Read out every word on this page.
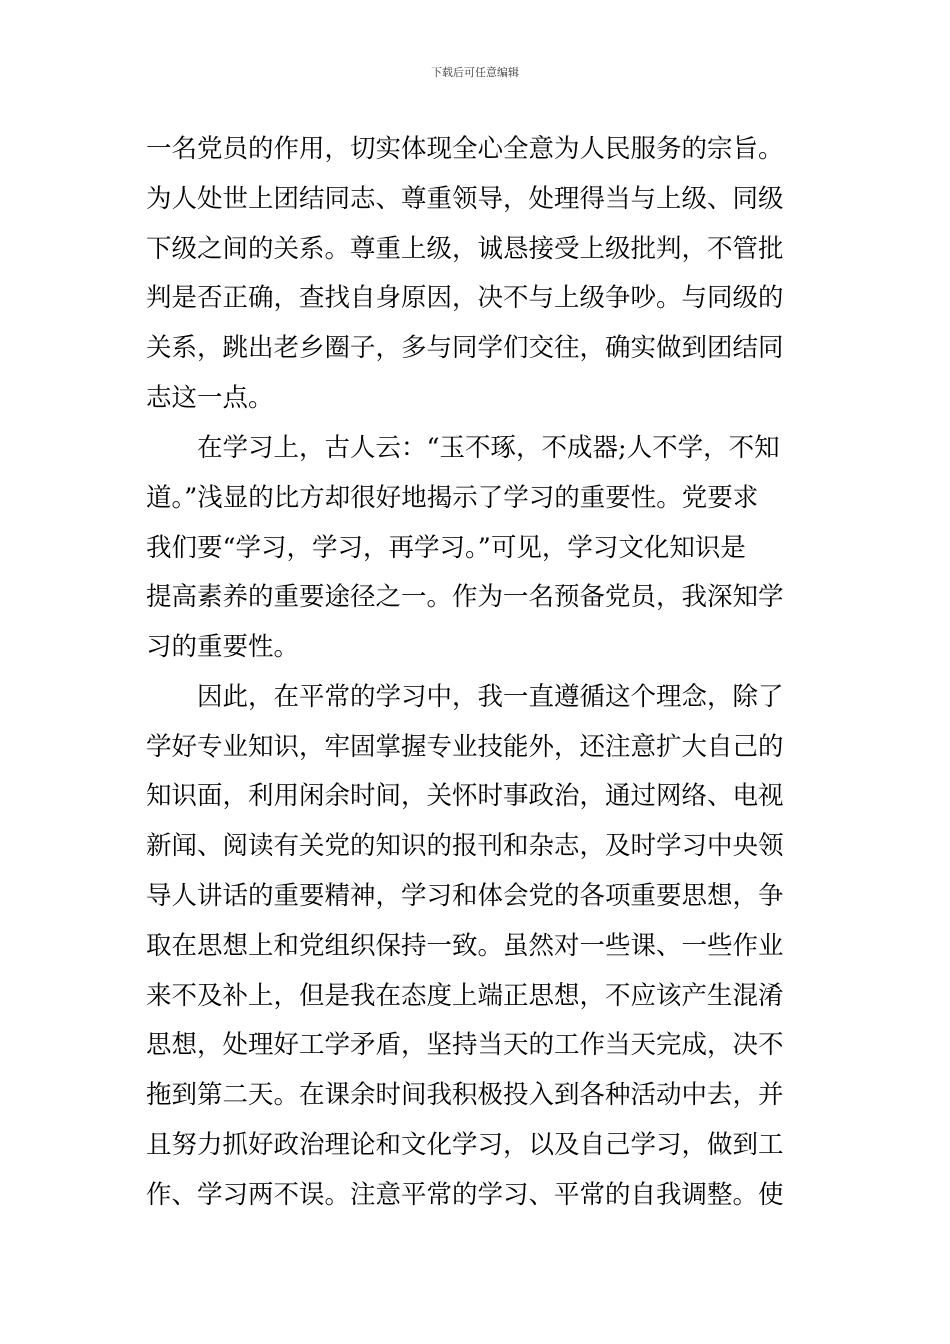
下载后可任意编辑
一名党员的作用，切实体现全心全意为人民服务的宗旨。
为人处世上团结同志、尊重领导，处理得当与上级、同级
下级之间的关系。尊重上级，诚恳接受上级批判，不管批
判是否正确，查找自身原因，决不与上级争吵。与同级的
关系，跳出老乡圈子，多与同学们交往，确实做到团结同
志这一点。
　　在学习上，古人云：“玉不琢，不成器;人不学，不知
道。”浅显的比方却很好地揭示了学习的重要性。党要求
我们要“学习，学习，再学习。”可见，学习文化知识是
提高素养的重要途径之一。作为一名预备党员，我深知学
习的重要性。
　　因此，在平常的学习中，我一直遵循这个理念，除了
学好专业知识，牢固掌握专业技能外，还注意扩大自己的
知识面，利用闲余时间，关怀时事政治，通过网络、电视
新闻、阅读有关党的知识的报刊和杂志，及时学习中央领
导人讲话的重要精神，学习和体会党的各项重要思想，争
取在思想上和党组织保持一致。虽然对一些课、一些作业
来不及补上，但是我在态度上端正思想，不应该产生混淆
思想，处理好工学矛盾，坚持当天的工作当天完成，决不
拖到第二天。在课余时间我积极投入到各种活动中去，并
且努力抓好政治理论和文化学习，以及自己学习，做到工
作、学习两不误。注意平常的学习、平常的自我调整。使
